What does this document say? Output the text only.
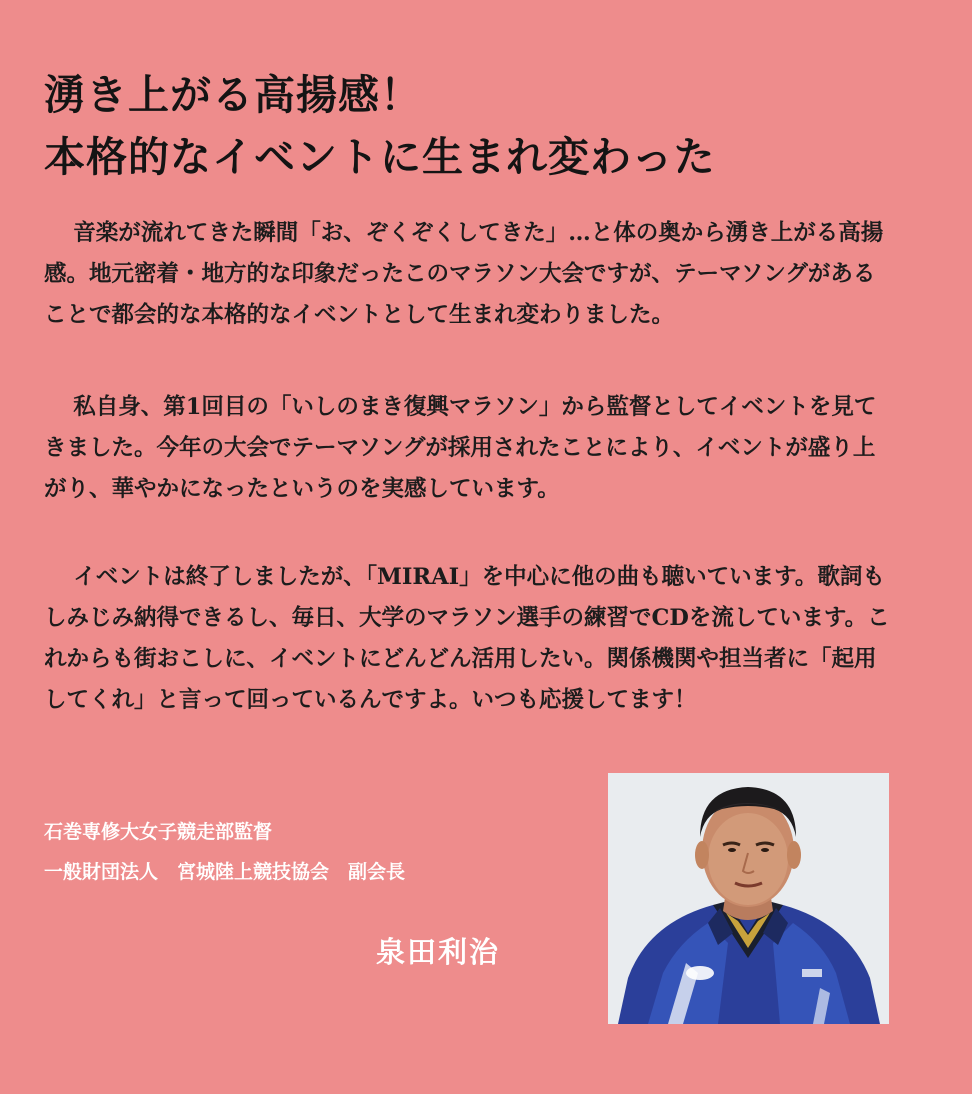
湧き上がる高揚感！
本格的なイベントに生まれ変わった

音楽が流れてきた瞬間「お、ぞくぞくしてきた」…と体の奥から湧き上がる高揚感。地元密着・地方的な印象だったこのマラソン大会ですが、テーマソングがあることで都会的な本格的なイベントとして生まれ変わりました。

私自身、第1回目の「いしのまき復興マラソン」から監督としてイベントを見てきました。今年の大会でテーマソングが採用されたことにより、イベントが盛り上がり、華やかになったというのを実感しています。

イベントは終了しましたが、「MIRAI」を中心に他の曲も聴いています。歌詞もしみじみ納得できるし、毎日、大学のマラソン選手の練習でCDを流しています。これからも街おこしに、イベントにどんどん活用したい。関係機関や担当者に「起用してくれ」と言って回っているんですよ。いつも応援してます！

石巻専修大女子競走部監督

一般財団法人　宮城陸上競技協会　副会長

泉田利治
